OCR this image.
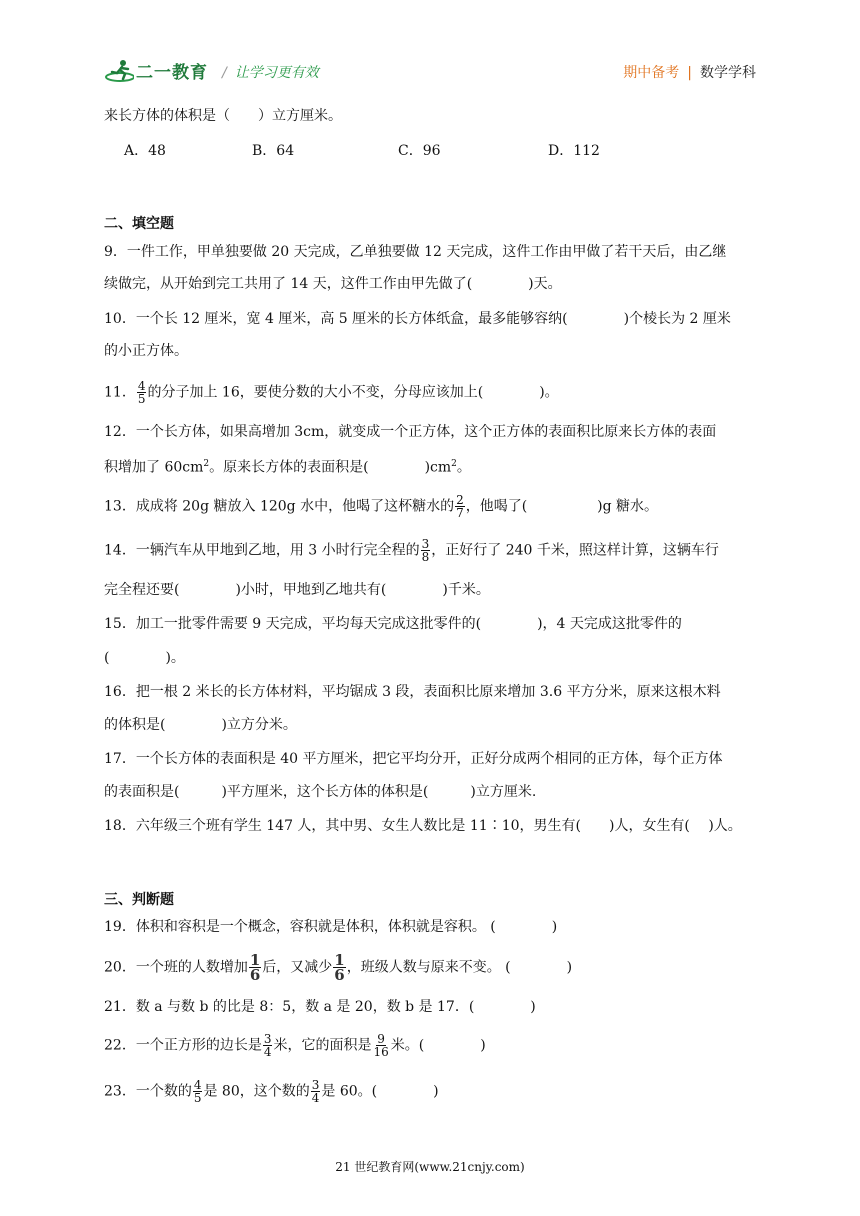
二一教育 / 让学习更有效	期中备考 | 数学学科
来长方体的体积是（　　）立方厘米。
A．48	B．64	C．96	D．112
二、填空题
9．一件工作，甲单独要做 20 天完成，乙单独要做 12 天完成，这件工作由甲做了若干天后，由乙继
续做完，从开始到完工共用了 14 天，这件工作由甲先做了(　　　　)天。
10．一个长 12 厘米，宽 4 厘米，高 5 厘米的长方体纸盒，最多能够容纳(　　　　)个棱长为 2 厘米
的小正方体。
11． $\frac{4}{5}$ 的分子加上 16，要使分数的大小不变，分母应该加上(　　　　)。
12．一个长方体，如果高增加 3cm，就变成一个正方体，这个正方体的表面积比原来长方体的表面
积增加了 $60cm^2$。原来长方体的表面积是(　　　　)$cm^2$。
13．成成将 20g 糖放入 120g 水中，他喝了这杯糖水的 $\frac{2}{7}$ ，他喝了(　　　　　)g 糖水。
14．一辆汽车从甲地到乙地，用 3 小时行完全程的 $\frac{3}{8}$ ，正好行了 240 千米，照这样计算，这辆车行
完全程还要(　　　　)小时，甲地到乙地共有(　　　　)千米。
15．加工一批零件需要 9 天完成，平均每天完成这批零件的(　　　　)，4 天完成这批零件的
(　　　　)。
16．把一根 2 米长的长方体材料，平均锯成 3 段，表面积比原来增加 3.6 平方分米，原来这根木料
的体积是(　　　　)立方分米。
17．一个长方体的表面积是 40 平方厘米，把它平均分开，正好分成两个相同的正方体，每个正方体
的表面积是(　　　)平方厘米，这个长方体的体积是(　　　)立方厘米.
18．六年级三个班有学生 147 人，其中男、女生人数比是 11∶10，男生有(　　)人，女生有(　 )人。
三、判断题
19．体积和容积是一个概念，容积就是体积，体积就是容积。 (　　　　)
20．一个班的人数增加 $\frac{1}{6}$ 后，又减少 $\frac{1}{6}$ ，班级人数与原来不变。 (　　　　)
21．数 a 与数 b 的比是 8：5，数 a 是 20，数 b 是 17．(　　　　)
22．一个正方形的边长是 $\frac{3}{4}$ 米，它的面积是 $\frac{9}{16}$ 米。(　　　　)
23．一个数的 $\frac{4}{5}$ 是 80，这个数的 $\frac{3}{4}$ 是 60。(　　　　)
21 世纪教育网(www.21cnjy.com)
